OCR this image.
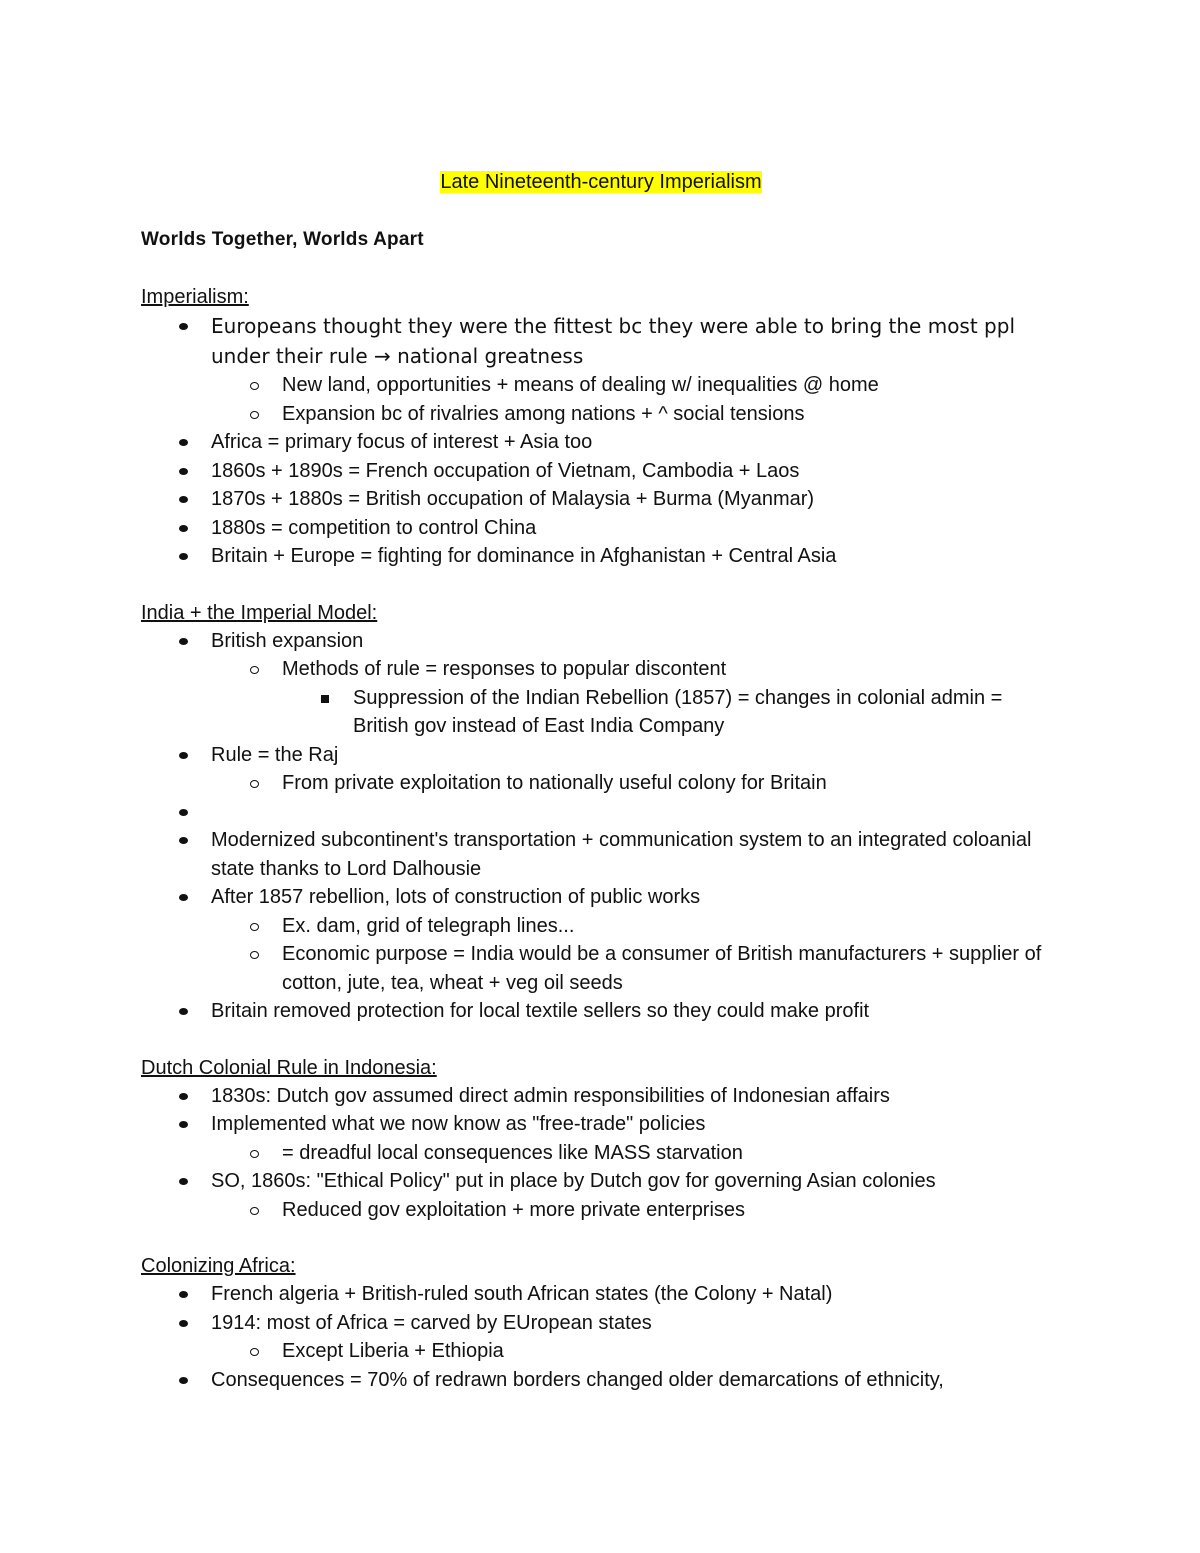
Late Nineteenth-century Imperialism
Worlds Together, Worlds Apart
Imperialism:
Europeans thought they were the fittest bc they were able to bring the most ppl under their rule → national greatness
New land, opportunities + means of dealing w/ inequalities @ home
Expansion bc of rivalries among nations + ^ social tensions
Africa = primary focus of interest + Asia too
1860s + 1890s = French occupation of Vietnam, Cambodia + Laos
1870s + 1880s = British occupation of Malaysia + Burma (Myanmar)
1880s = competition to control China
Britain + Europe = fighting for dominance in Afghanistan + Central Asia
India + the Imperial Model:
British expansion
Methods of rule = responses to popular discontent
Suppression of the Indian Rebellion (1857) = changes in colonial admin = British gov instead of East India Company
Rule = the Raj
From private exploitation to nationally useful colony for Britain

Modernized subcontinent's transportation + communication system to an integrated coloanial state thanks to Lord Dalhousie
After 1857 rebellion, lots of construction of public works
Ex. dam, grid of telegraph lines...
Economic purpose = India would be a consumer of British manufacturers + supplier of cotton, jute, tea, wheat + veg oil seeds
Britain removed protection for local textile sellers so they could make profit
Dutch Colonial Rule in Indonesia:
1830s: Dutch gov assumed direct admin responsibilities of Indonesian affairs
Implemented what we now know as "free-trade" policies
= dreadful local consequences like MASS starvation
SO, 1860s: "Ethical Policy" put in place by Dutch gov for governing Asian colonies
Reduced gov exploitation + more private enterprises
Colonizing Africa:
French algeria + British-ruled south African states (the Colony + Natal)
1914: most of Africa = carved by EUropean states
Except Liberia + Ethiopia
Consequences = 70% of redrawn borders changed older demarcations of ethnicity,
